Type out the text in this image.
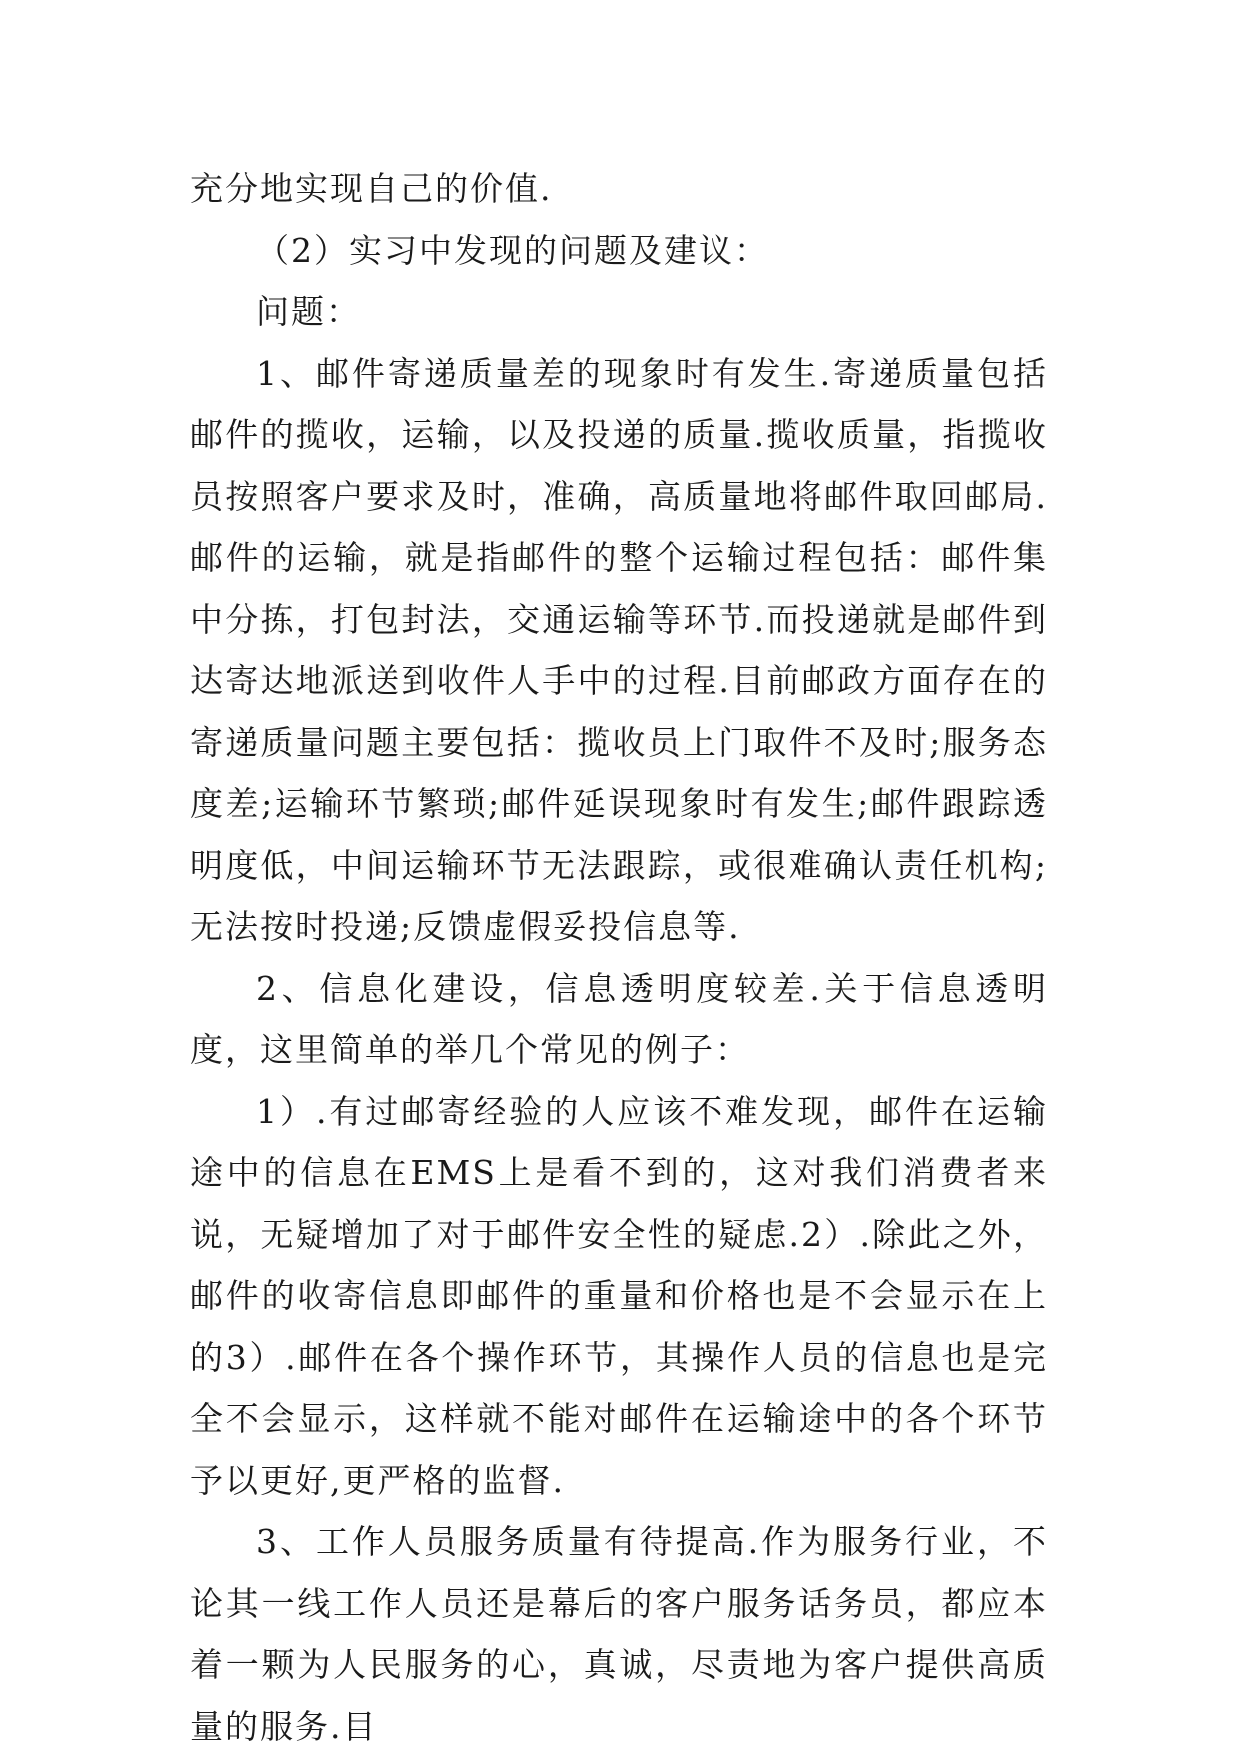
充分地实现自己的价值.

（2）实习中发现的问题及建议：

问题：

1、邮件寄递质量差的现象时有发生.寄递质量包括邮件的揽收，运输，以及投递的质量.揽收质量，指揽收员按照客户要求及时，准确，高质量地将邮件取回邮局.邮件的运输，就是指邮件的整个运输过程包括：邮件集中分拣，打包封法，交通运输等环节.而投递就是邮件到达寄达地派送到收件人手中的过程.目前邮政方面存在的寄递质量问题主要包括：揽收员上门取件不及时;服务态度差;运输环节繁琐;邮件延误现象时有发生;邮件跟踪透明度低，中间运输环节无法跟踪，或很难确认责任机构;无法按时投递;反馈虚假妥投信息等.

2、信息化建设，信息透明度较差.关于信息透明度，这里简单的举几个常见的例子：

1）.有过邮寄经验的人应该不难发现，邮件在运输途中的信息在EMS上是看不到的，这对我们消费者来说，无疑增加了对于邮件安全性的疑虑.2）.除此之外，邮件的收寄信息即邮件的重量和价格也是不会显示在上的3）.邮件在各个操作环节，其操作人员的信息也是完全不会显示，这样就不能对邮件在运输途中的各个环节予以更好,更严格的监督.

3、工作人员服务质量有待提高.作为服务行业，不论其一线工作人员还是幕后的客户服务话务员，都应本着一颗为人民服务的心，真诚，尽责地为客户提供高质量的服务.目
